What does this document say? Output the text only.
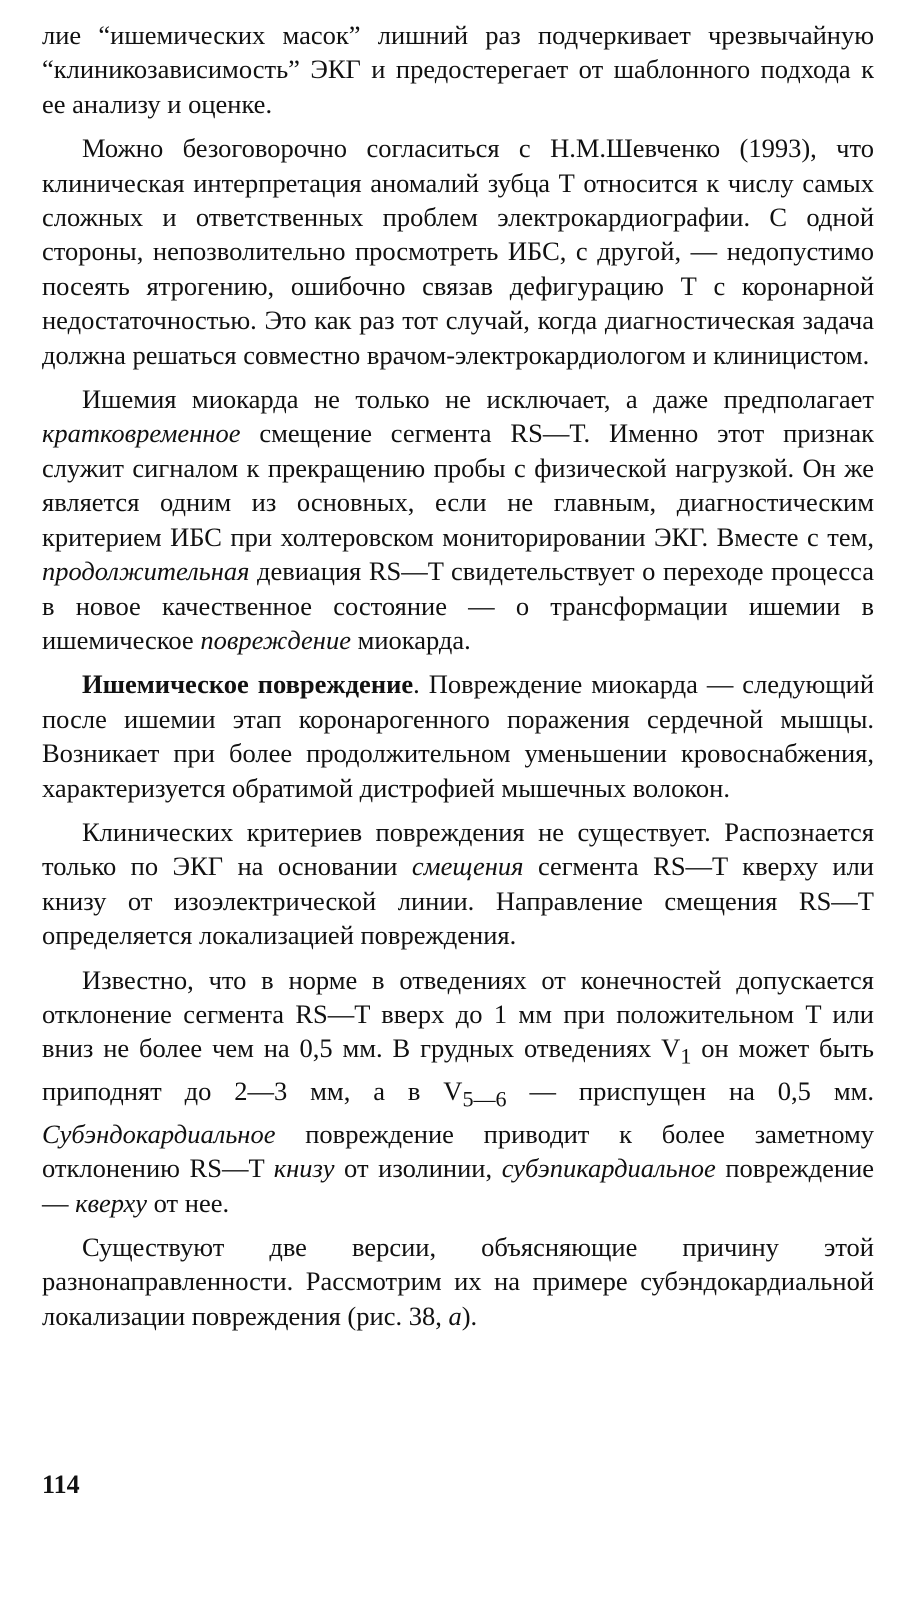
лие “ишемических масок” лишний раз подчеркивает чрезвычайную “клиникозависимость” ЭКГ и предостерегает от шаблонного подхода к ее анализу и оценке.

Можно безоговорочно согласиться с Н.М.Шевченко (1993), что клиническая интерпретация аномалий зубца Т относится к числу самых сложных и ответственных проблем электрокардиографии. С одной стороны, непозволительно просмотреть ИБС, с другой, — недопустимо посеять ятрогению, ошибочно связав дефигурацию Т с коронарной недостаточностью. Это как раз тот случай, когда диагностическая задача должна решаться совместно врачом-электрокардиологом и клиницистом.

Ишемия миокарда не только не исключает, а даже предполагает кратковременное смещение сегмента RS—T. Именно этот признак служит сигналом к прекращению пробы с физической нагрузкой. Он же является одним из основных, если не главным, диагностическим критерием ИБС при холтеровском мониторировании ЭКГ. Вместе с тем, продолжительная девиация RS—T свидетельствует о переходе процесса в новое качественное состояние — о трансформации ишемии в ишемическое повреждение миокарда.

Ишемическое повреждение. Повреждение миокарда — следующий после ишемии этап коронарогенного поражения сердечной мышцы. Возникает при более продолжительном уменьшении кровоснабжения, характеризуется обратимой дистрофией мышечных волокон.

Клинических критериев повреждения не существует. Распознается только по ЭКГ на основании смещения сегмента RS—T кверху или книзу от изоэлектрической линии. Направление смещения RS—T определяется локализацией повреждения.

Известно, что в норме в отведениях от конечностей допускается отклонение сегмента RS—T вверх до 1 мм при положительном T или вниз не более чем на 0,5 мм. В грудных отведениях $V_1$ он может быть приподнят до 2—3 мм, а в $V_{5—6}$ — приспущен на 0,5 мм. Субэндокардиальное повреждение приводит к более заметному отклонению RS—T книзу от изолинии, субэпикардиальное повреждение — кверху от нее.

Существуют две версии, объясняющие причину этой разнонаправленности. Рассмотрим их на примере субэндокардиальной локализации повреждения (рис. 38, а).

114
